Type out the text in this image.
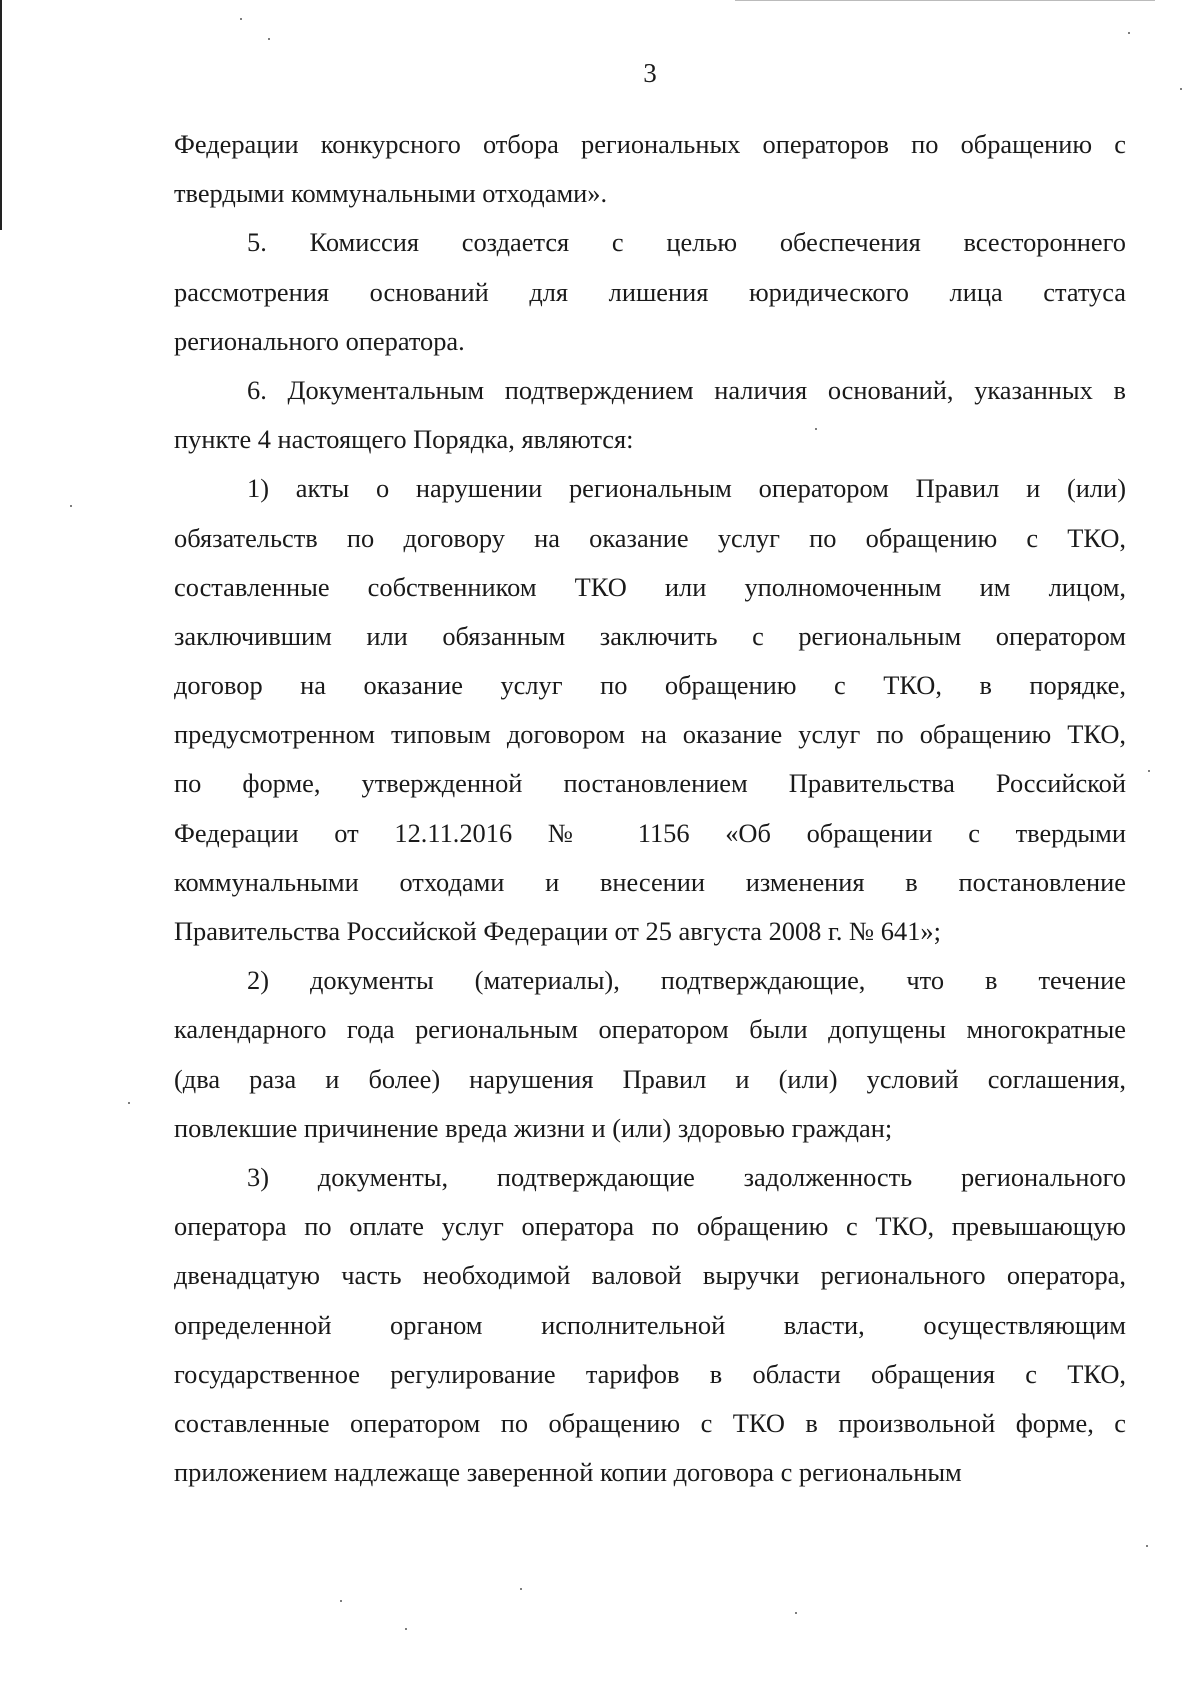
3
Федерации конкурсного отбора региональных операторов по обращению с
твердыми коммунальными отходами».
5. Комиссия создается с целью обеспечения всестороннего
рассмотрения оснований для лишения юридического лица статуса
регионального оператора.
6. Документальным подтверждением наличия оснований, указанных в
пункте 4 настоящего Порядка, являются:
1) акты о нарушении региональным оператором Правил и (или)
обязательств по договору на оказание услуг по обращению с ТКО,
составленные собственником ТКО или уполномоченным им лицом,
заключившим или обязанным заключить с региональным оператором
договор на оказание услуг по обращению с ТКО, в порядке,
предусмотренном типовым договором на оказание услуг по обращению ТКО,
по форме, утвержденной постановлением Правительства Российской
Федерации от 12.11.2016 № 1156 «Об обращении с твердыми
коммунальными отходами и внесении изменения в постановление
Правительства Российской Федерации от 25 августа 2008 г. № 641»;
2) документы (материалы), подтверждающие, что в течение
календарного года региональным оператором были допущены многократные
(два раза и более) нарушения Правил и (или) условий соглашения,
повлекшие причинение вреда жизни и (или) здоровью граждан;
3) документы, подтверждающие задолженность регионального
оператора по оплате услуг оператора по обращению с ТКО, превышающую
двенадцатую часть необходимой валовой выручки регионального оператора,
определенной органом исполнительной власти, осуществляющим
государственное регулирование тарифов в области обращения с ТКО,
составленные оператором по обращению с ТКО в произвольной форме, с
приложением надлежаще заверенной копии договора с региональным
